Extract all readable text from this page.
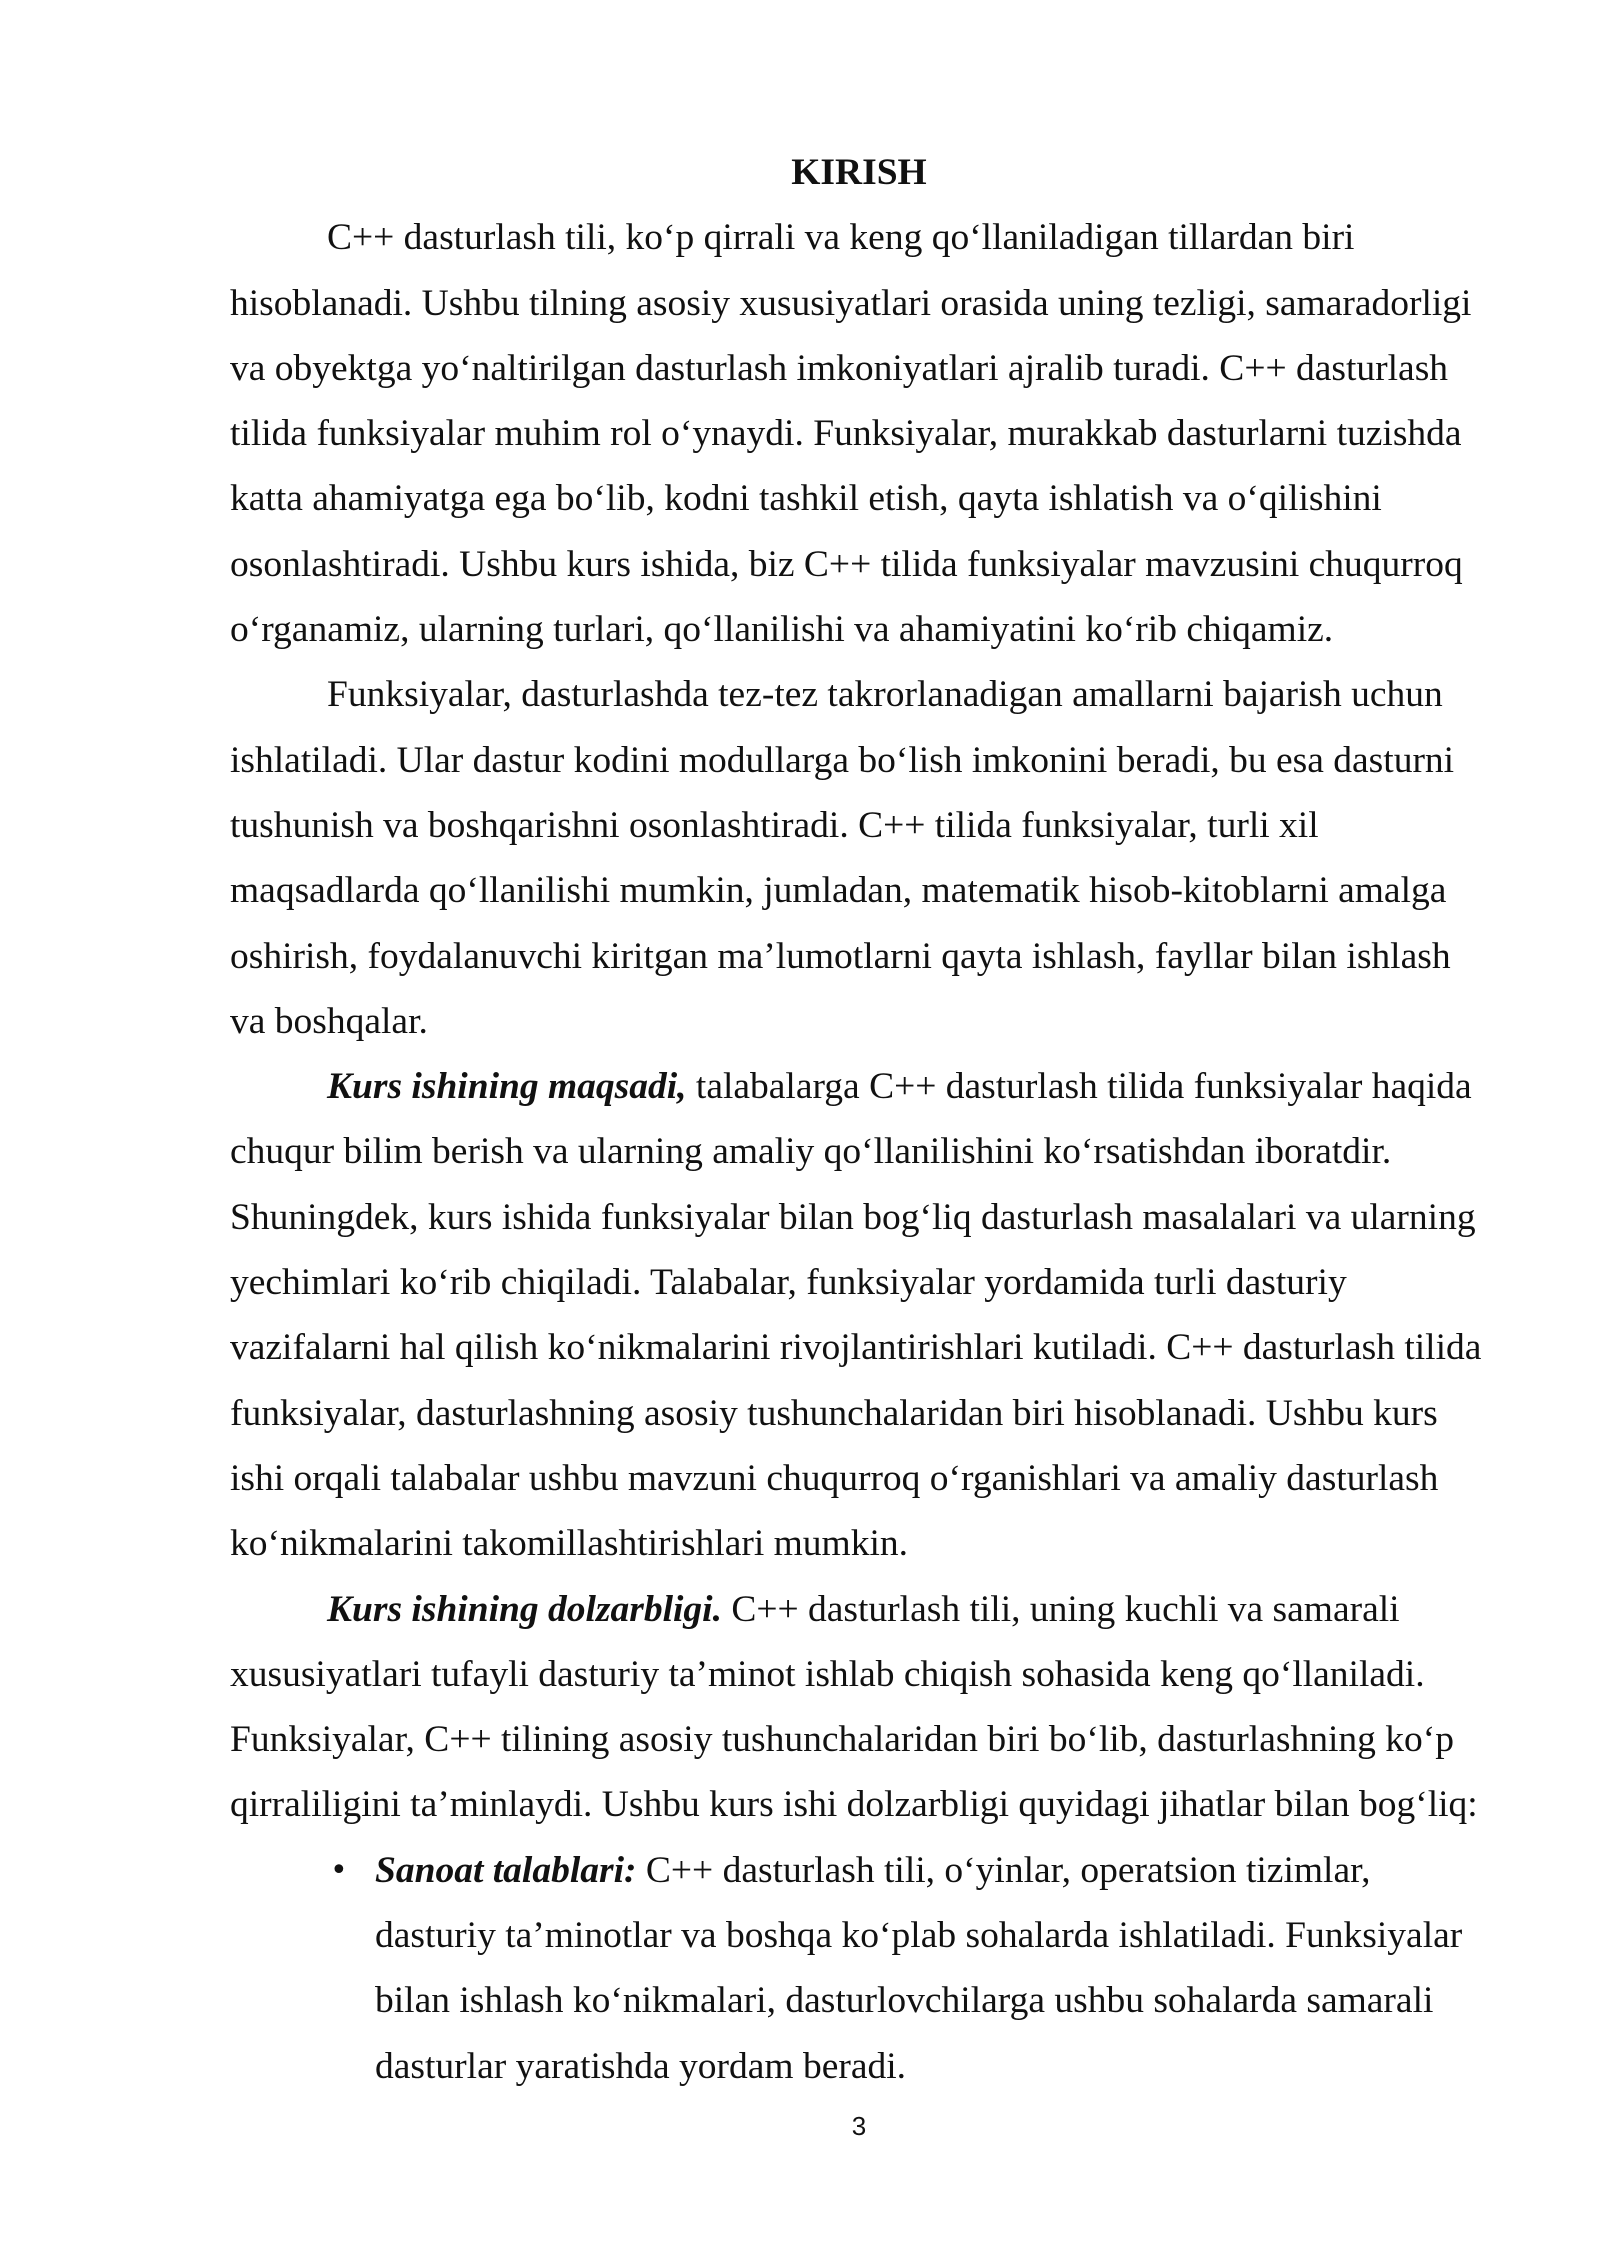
KIRISH
C++ dasturlash tili, ko‘p qirrali va keng qo‘llaniladigan tillardan biri
hisoblanadi. Ushbu tilning asosiy xususiyatlari orasida uning tezligi, samaradorligi
va obyektga yo‘naltirilgan dasturlash imkoniyatlari ajralib turadi. C++ dasturlash
tilida funksiyalar muhim rol o‘ynaydi. Funksiyalar, murakkab dasturlarni tuzishda
katta ahamiyatga ega bo‘lib, kodni tashkil etish, qayta ishlatish va o‘qilishini
osonlashtiradi. Ushbu kurs ishida, biz C++ tilida funksiyalar mavzusini chuqurroq
o‘rganamiz, ularning turlari, qo‘llanilishi va ahamiyatini ko‘rib chiqamiz.
Funksiyalar, dasturlashda tez-tez takrorlanadigan amallarni bajarish uchun
ishlatiladi. Ular dastur kodini modullarga bo‘lish imkonini beradi, bu esa dasturni
tushunish va boshqarishni osonlashtiradi. C++ tilida funksiyalar, turli xil
maqsadlarda qo‘llanilishi mumkin, jumladan, matematik hisob-kitoblarni amalga
oshirish, foydalanuvchi kiritgan ma’lumotlarni qayta ishlash, fayllar bilan ishlash
va boshqalar.
Kurs ishining maqsadi, talabalarga C++ dasturlash tilida funksiyalar haqida
chuqur bilim berish va ularning amaliy qo‘llanilishini ko‘rsatishdan iboratdir.
Shuningdek, kurs ishida funksiyalar bilan bog‘liq dasturlash masalalari va ularning
yechimlari ko‘rib chiqiladi. Talabalar, funksiyalar yordamida turli dasturiy
vazifalarni hal qilish ko‘nikmalarini rivojlantirishlari kutiladi. C++ dasturlash tilida
funksiyalar, dasturlashning asosiy tushunchalaridan biri hisoblanadi. Ushbu kurs
ishi orqali talabalar ushbu mavzuni chuqurroq o‘rganishlari va amaliy dasturlash
ko‘nikmalarini takomillashtirishlari mumkin.
Kurs ishining dolzarbligi. C++ dasturlash tili, uning kuchli va samarali
xususiyatlari tufayli dasturiy ta’minot ishlab chiqish sohasida keng qo‘llaniladi.
Funksiyalar, C++ tilining asosiy tushunchalaridan biri bo‘lib, dasturlashning ko‘p
qirraliligini ta’minlaydi. Ushbu kurs ishi dolzarbligi quyidagi jihatlar bilan bog‘liq:
• Sanoat talablari: C++ dasturlash tili, o‘yinlar, operatsion tizimlar,
dasturiy ta’minotlar va boshqa ko‘plab sohalarda ishlatiladi. Funksiyalar
bilan ishlash ko‘nikmalari, dasturlovchilarga ushbu sohalarda samarali
dasturlar yaratishda yordam beradi.
3
